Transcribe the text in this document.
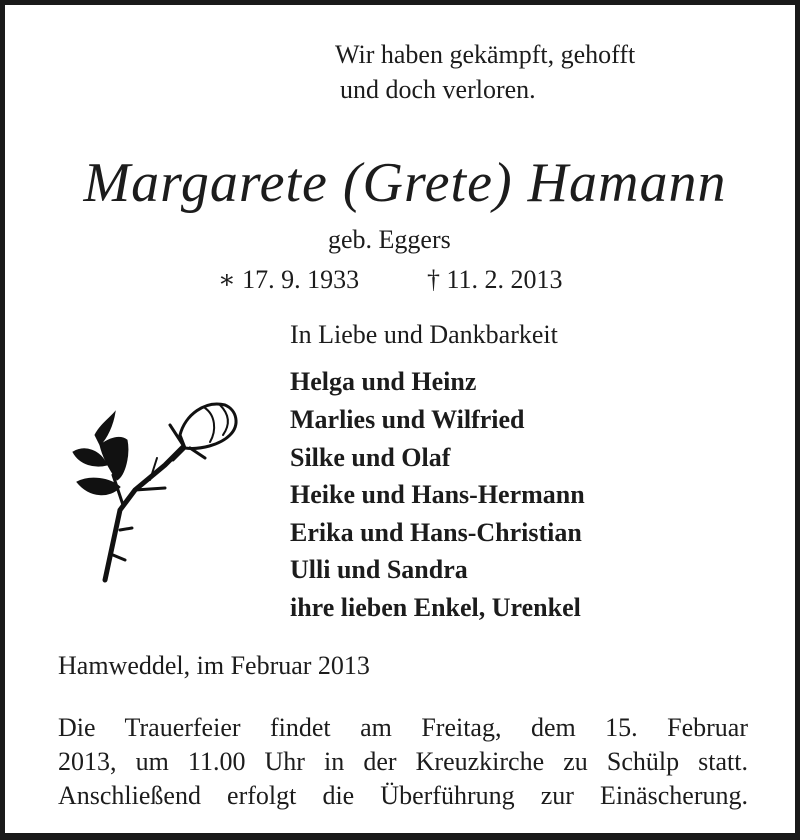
Wir haben gekämpft, gehofft
und doch verloren.
Margarete (Grete) Hamann
geb. Eggers
∗ 17. 9. 1933	† 11. 2. 2013
In Liebe und Dankbarkeit
Helga und Heinz
Marlies und Wilfried
Silke und Olaf
Heike und Hans-Hermann
Erika und Hans-Christian
Ulli und Sandra
ihre lieben Enkel, Urenkel
Hamweddel, im Februar 2013
Die Trauerfeier findet am Freitag, dem 15. Februar
2013, um 11.00 Uhr in der Kreuzkirche zu Schülp statt.
Anschließend erfolgt die Überführung zur Einäscherung.
